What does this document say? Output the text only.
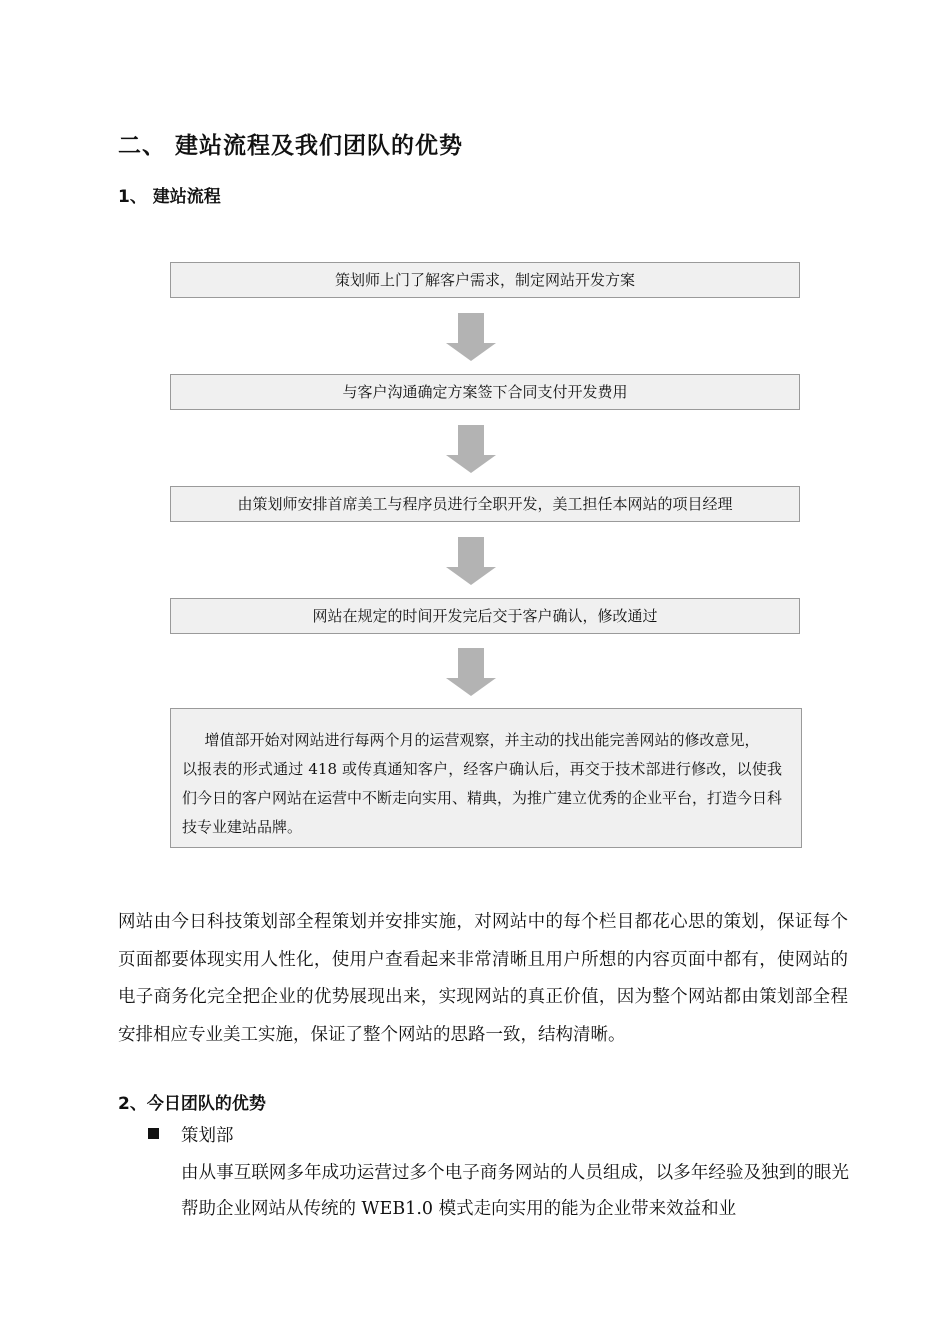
二、 建站流程及我们团队的优势
1、 建站流程
策划师上门了解客户需求，制定网站开发方案
与客户沟通确定方案签下合同支付开发费用
由策划师安排首席美工与程序员进行全职开发，美工担任本网站的项目经理
网站在规定的时间开发完后交于客户确认，修改通过

增值部开始对网站进行每两个月的运营观察，并主动的找出能完善网站的修改意见，
以报表的形式通过 418 或传真通知客户，经客户确认后，再交于技术部进行修改，以使我们今日的客户网站在运营中不断走向实用、精典，为推广建立优秀的企业平台，打造今日科技专业建站品牌。

网站由今日科技策划部全程策划并安排实施，对网站中的每个栏目都花心思的策划，保证每个页面都要体现实用人性化，使用户查看起来非常清晰且用户所想的内容页面中都有，使网站的电子商务化完全把企业的优势展现出来，实现网站的真正价值，因为整个网站都由策划部全程安排相应专业美工实施，保证了整个网站的思路一致，结构清晰。

2、今日团队的优势

策划部

由从事互联网多年成功运营过多个电子商务网站的人员组成，以多年经验及独到的眼光帮助企业网站从传统的 WEB1.0 模式走向实用的能为企业带来效益和业
